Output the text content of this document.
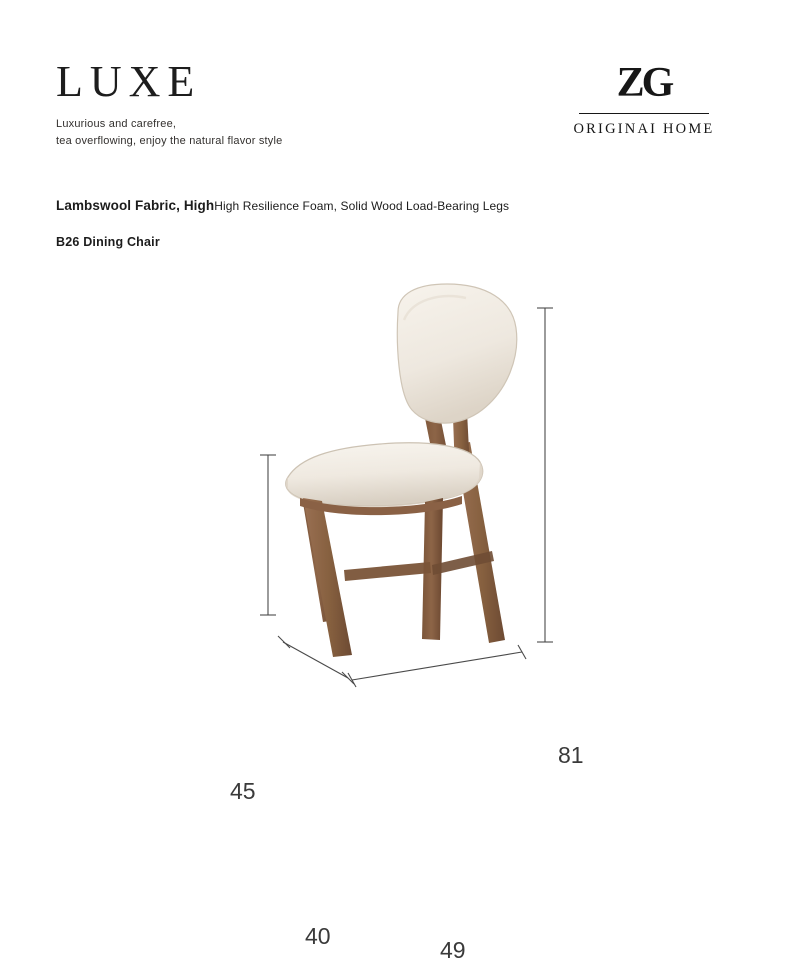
LUXE
Luxurious and carefree,
tea overflowing, enjoy the natural flavor style
ZG
ORIGINAI HOME
Lambswool Fabric, HighHigh Resilience Foam, Solid Wood Load-Bearing Legs
B26 Dining Chair
81
45
40
49
